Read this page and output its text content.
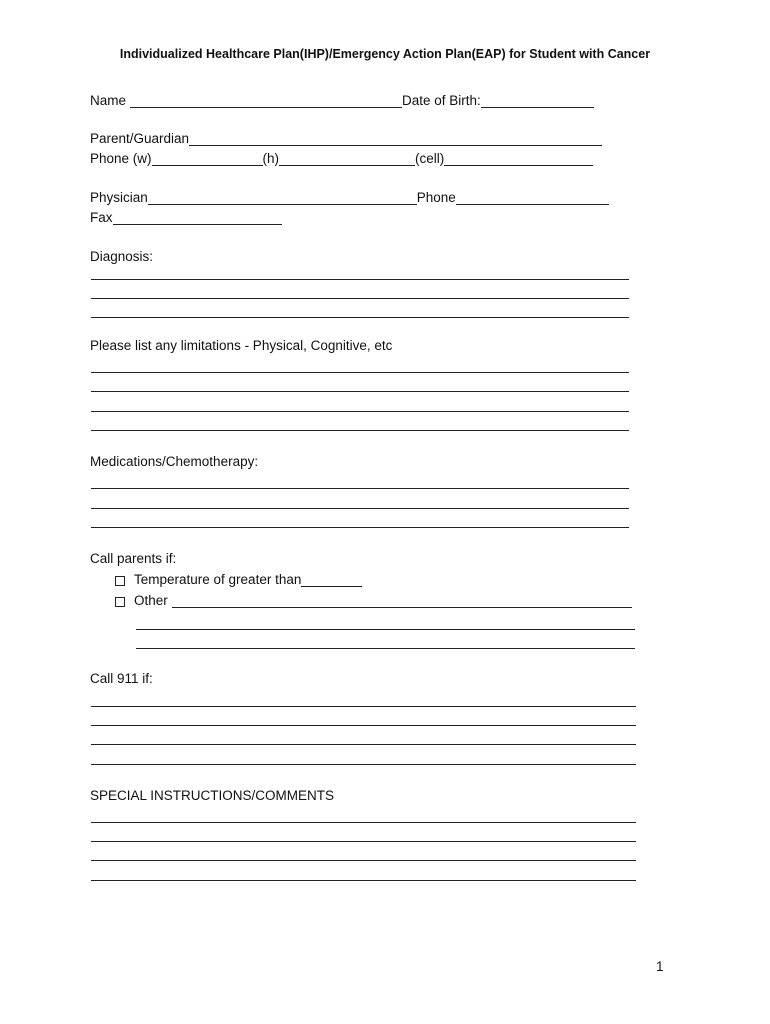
Individualized Healthcare Plan(IHP)/Emergency Action Plan(EAP) for Student with Cancer
Name	Date of Birth:
Parent/Guardian
Phone (w)	(h)	(cell)
Physician	Phone
Fax
Diagnosis:
Please list any limitations - Physical, Cognitive, etc
Medications/Chemotherapy:
Call parents if:
Temperature of greater than
Other
Call 911 if:
SPECIAL INSTRUCTIONS/COMMENTS
1
